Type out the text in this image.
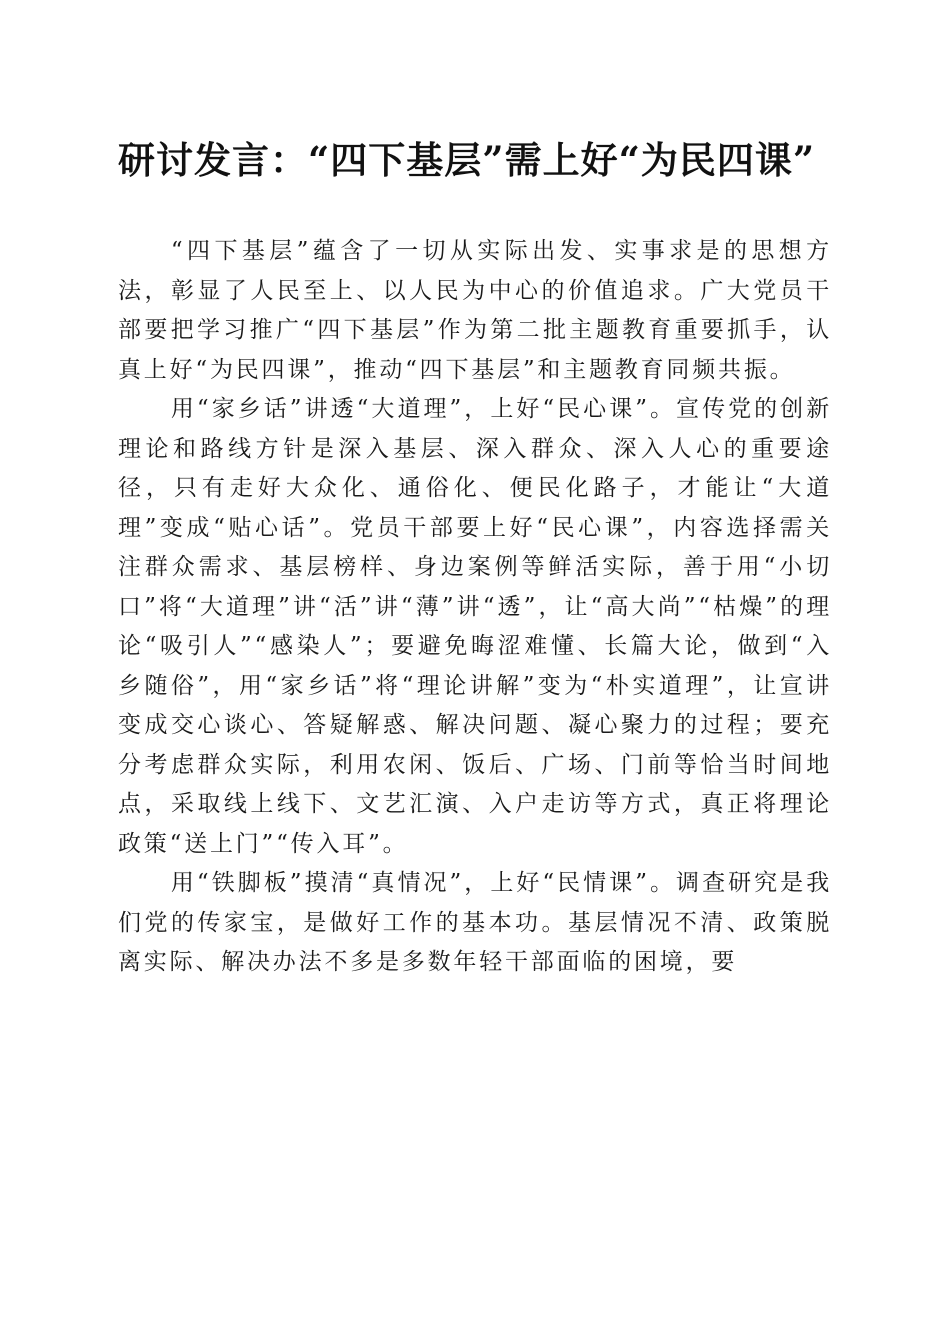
研讨发言：“四下基层”需上好“为民四课”

“四下基层”蕴含了一切从实际出发、实事求是的思想方法，彰显了人民至上、以人民为中心的价值追求。广大党员干部要把学习推广“四下基层”作为第二批主题教育重要抓手，认真上好“为民四课”，推动“四下基层”和主题教育同频共振。

用“家乡话”讲透“大道理”，上好“民心课”。宣传党的创新理论和路线方针是深入基层、深入群众、深入人心的重要途径，只有走好大众化、通俗化、便民化路子，才能让“大道理”变成“贴心话”。党员干部要上好“民心课”，内容选择需关注群众需求、基层榜样、身边案例等鲜活实际，善于用“小切口”将“大道理”讲“活”讲“薄”讲“透”，让“高大尚”“枯燥”的理论“吸引人”“感染人”；要避免晦涩难懂、长篇大论，做到“入乡随俗”，用“家乡话”将“理论讲解”变为“朴实道理”，让宣讲变成交心谈心、答疑解惑、解决问题、凝心聚力的过程；要充分考虑群众实际，利用农闲、饭后、广场、门前等恰当时间地点，采取线上线下、文艺汇演、入户走访等方式，真正将理论政策“送上门”“传入耳”。

用“铁脚板”摸清“真情况”，上好“民情课”。调查研究是我们党的传家宝，是做好工作的基本功。基层情况不清、政策脱离实际、解决办法不多是多数年轻干部面临的困境，要
